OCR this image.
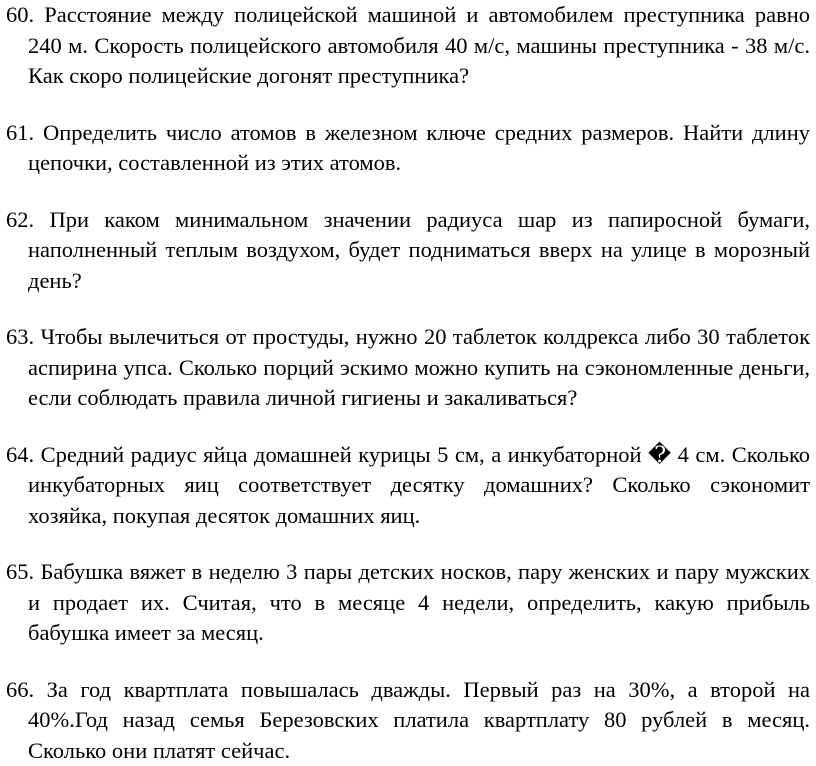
60. Расстояние между полицейской машиной и автомобилем преступника равно 240 м. Скорость полицейского автомобиля 40 м/с, машины преступника - 38 м/с. Как скоро полицейские догонят преступника?

61. Определить число атомов в железном ключе средних размеров. Найти длину цепочки, составленной из этих атомов.

62. При каком минимальном значении радиуса шар из папиросной бумаги, наполненный теплым воздухом, будет подниматься вверх на улице в морозный день?

63. Чтобы вылечиться от простуды, нужно 20 таблеток колдрекса либо 30 таблеток аспирина упса. Сколько порций эскимо можно купить на сэкономленные деньги, если соблюдать правила личной гигиены и закаливаться?

64. Средний радиус яйца домашней курицы 5 см, а инкубаторной � 4 см. Сколько инкубаторных яиц соответствует десятку домашних? Сколько сэкономит хозяйка, покупая десяток домашних яиц.

65. Бабушка вяжет в неделю 3 пары детских носков, пару женских и пару мужских и продает их. Считая, что в месяце 4 недели, определить, какую прибыль бабушка имеет за месяц.

66. За год квартплата повышалась дважды. Первый раз на 30%, а второй на 40%.Год назад семья Березовских платила квартплату 80 рублей в месяц. Сколько они платят сейчас.
